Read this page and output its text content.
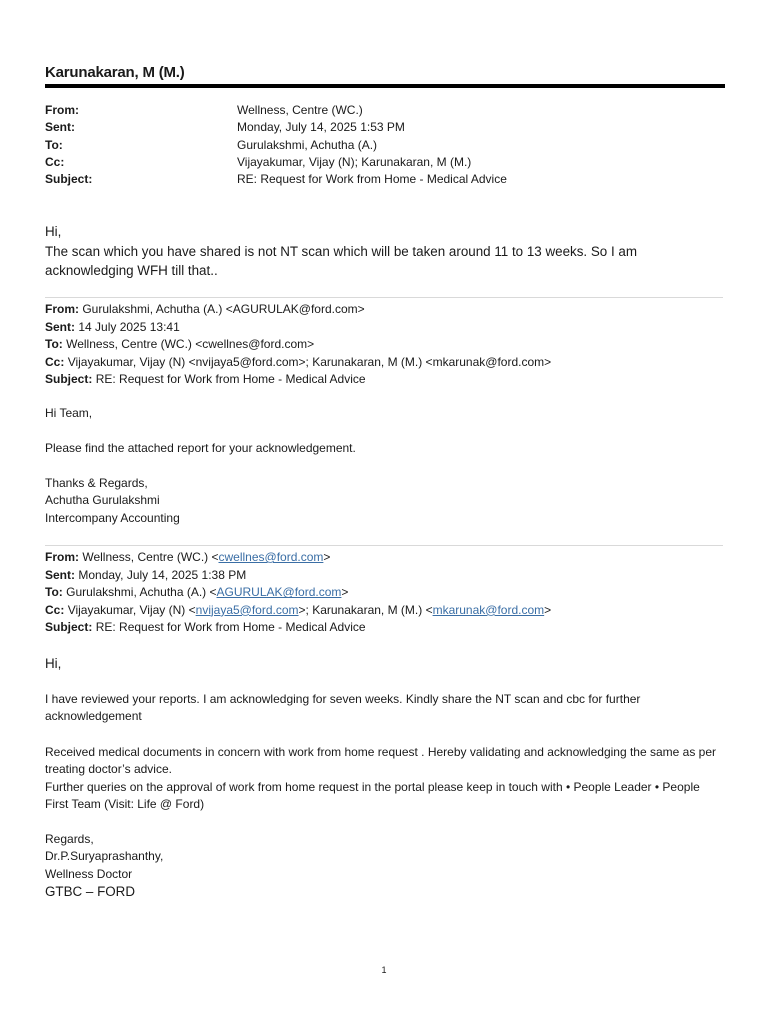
Karunakaran, M (M.)
From:	Wellness, Centre (WC.)
Sent:	Monday, July 14, 2025 1:53 PM
To:	Gurulakshmi, Achutha (A.)
Cc:	Vijayakumar, Vijay (N); Karunakaran, M (M.)
Subject:	RE: Request for Work from Home - Medical Advice
Hi,
The scan which you have shared is not NT scan which will be taken around 11 to 13 weeks. So I am acknowledging WFH till that..
From: Gurulakshmi, Achutha (A.) <AGURULAK@ford.com>
Sent: 14 July 2025 13:41
To: Wellness, Centre (WC.) <cwellnes@ford.com>
Cc: Vijayakumar, Vijay (N) <nvijaya5@ford.com>; Karunakaran, M (M.) <mkarunak@ford.com>
Subject: RE: Request for Work from Home - Medical Advice
Hi Team,
Please find the attached report for your acknowledgement.
Thanks & Regards,
Achutha Gurulakshmi
Intercompany Accounting
From: Wellness, Centre (WC.) <cwellnes@ford.com>
Sent: Monday, July 14, 2025 1:38 PM
To: Gurulakshmi, Achutha (A.) <AGURULAK@ford.com>
Cc: Vijayakumar, Vijay (N) <nvijaya5@ford.com>; Karunakaran, M (M.) <mkarunak@ford.com>
Subject: RE: Request for Work from Home - Medical Advice
Hi,
I have reviewed your reports. I am acknowledging for seven weeks. Kindly share the NT scan and cbc for further acknowledgement
Received medical documents in concern with work from home request . Hereby validating and acknowledging the same as per treating doctor’s advice.
Further queries on the approval of work from home request in the portal please keep in touch with • People Leader • People First Team (Visit: Life @ Ford)
Regards,
Dr.P.Suryaprashanthy,
Wellness Doctor
GTBC – FORD
1
